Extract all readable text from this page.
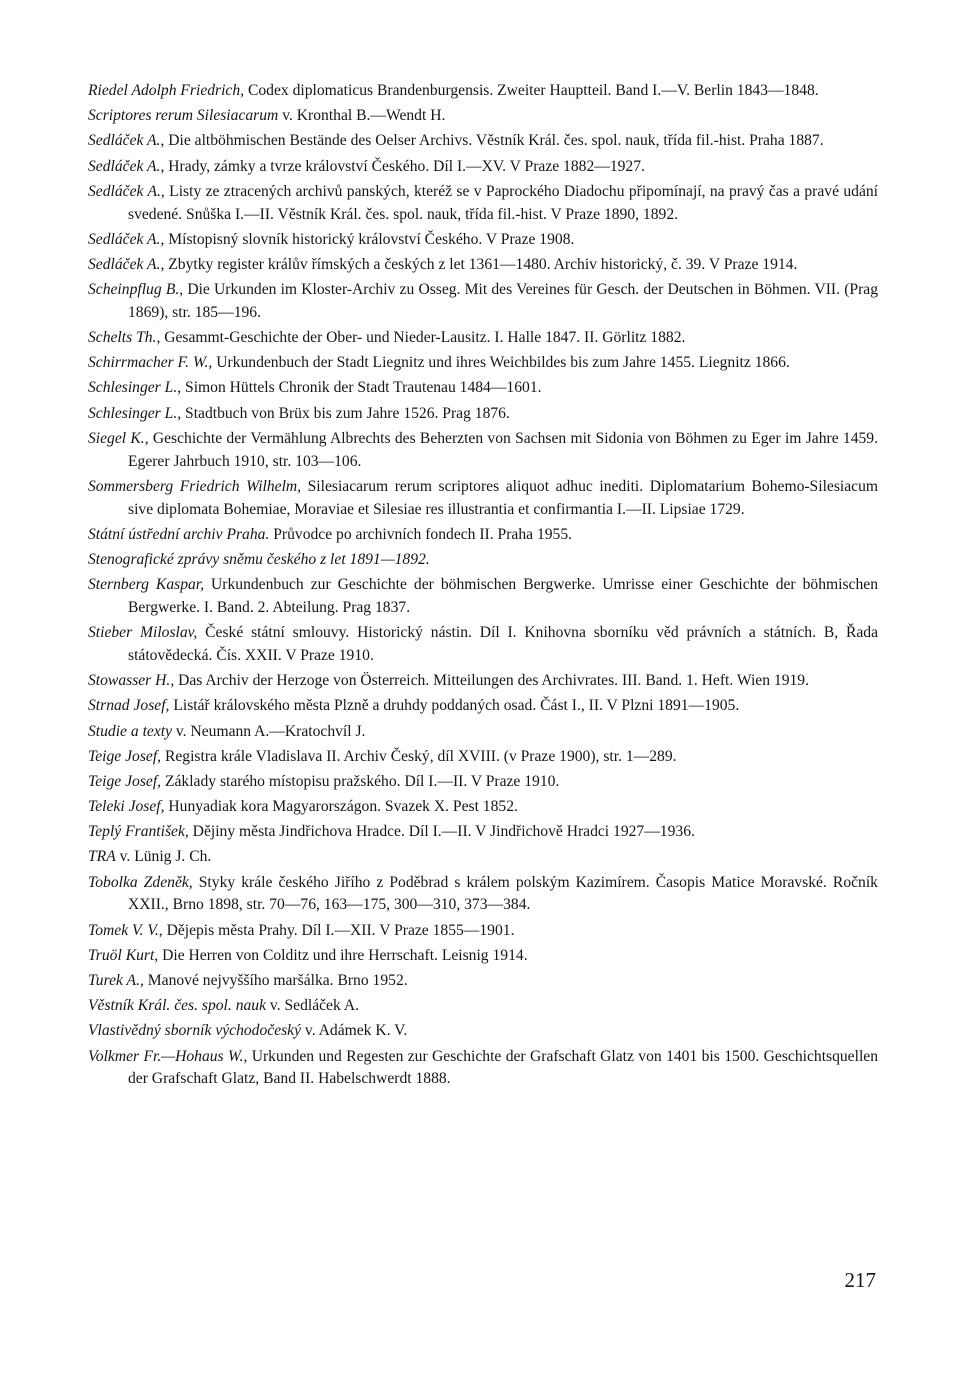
Riedel Adolph Friedrich, Codex diplomaticus Brandenburgensis. Zweiter Hauptteil. Band I.—V. Berlin 1843—1848.

Scriptores rerum Silesiacarum v. Kronthal B.—Wendt H.

Sedláček A., Die altböhmischen Bestände des Oelser Archivs. Věstník Král. čes. spol. nauk, třída fil.-hist. Praha 1887.

Sedláček A., Hrady, zámky a tvrze království Českého. Díl I.—XV. V Praze 1882—1927.

Sedláček A., Listy ze ztracených archivů panských, kteréž se v Paprockého Diadochu připomínají, na pravý čas a pravé udání svedené. Snůška I.—II. Věstník Král. čes. spol. nauk, třída fil.-hist. V Praze 1890, 1892.

Sedláček A., Místopisný slovník historický království Českého. V Praze 1908.

Sedláček A., Zbytky register králův římských a českých z let 1361—1480. Archiv historický, č. 39. V Praze 1914.

Scheinpflug B., Die Urkunden im Kloster-Archiv zu Osseg. Mit des Vereines für Gesch. der Deutschen in Böhmen. VII. (Prag 1869), str. 185—196.

Schelts Th., Gesammt-Geschichte der Ober- und Nieder-Lausitz. I. Halle 1847. II. Görlitz 1882.

Schirrmacher F. W., Urkundenbuch der Stadt Liegnitz und ihres Weichbildes bis zum Jahre 1455. Liegnitz 1866.

Schlesinger L., Simon Hüttels Chronik der Stadt Trautenau 1484—1601.

Schlesinger L., Stadtbuch von Brüx bis zum Jahre 1526. Prag 1876.

Siegel K., Geschichte der Vermählung Albrechts des Beherzten von Sachsen mit Sidonia von Böhmen zu Eger im Jahre 1459. Egerer Jahrbuch 1910, str. 103—106.

Sommersberg Friedrich Wilhelm, Silesiacarum rerum scriptores aliquot adhuc inediti. Diplomatarium Bohemo-Silesiacum sive diplomata Bohemiae, Moraviae et Silesiae res illustrantia et confirmantia I.—II. Lipsiae 1729.

Státní ústřední archiv Praha. Průvodce po archivních fondech II. Praha 1955.

Stenografické zprávy sněmu českého z let 1891—1892.

Sternberg Kaspar, Urkundenbuch zur Geschichte der böhmischen Bergwerke. Umrisse einer Geschichte der böhmischen Bergwerke. I. Band. 2. Abteilung. Prag 1837.

Stieber Miloslav, České státní smlouvy. Historický nástin. Díl I. Knihovna sborníku věd právních a státních. B, Řada státovědecká. Čís. XXII. V Praze 1910.

Stowasser H., Das Archiv der Herzoge von Österreich. Mitteilungen des Archivrates. III. Band. 1. Heft. Wien 1919.

Strnad Josef, Listář královského města Plzně a druhdy poddaných osad. Část I., II. V Plzni 1891—1905.

Studie a texty v. Neumann A.—Kratochvíl J.

Teige Josef, Registra krále Vladislava II. Archiv Český, díl XVIII. (v Praze 1900), str. 1—289.

Teige Josef, Základy starého místopisu pražského. Díl I.—II. V Praze 1910.

Teleki Josef, Hunyadiak kora Magyarországon. Svazek X. Pest 1852.

Teplý František, Dějiny města Jindřichova Hradce. Díl I.—II. V Jindřichově Hradci 1927—1936.

TRA v. Lünig J. Ch.

Tobolka Zdeněk, Styky krále českého Jiřího z Poděbrad s králem polským Kazimírem. Časopis Matice Moravské. Ročník XXII., Brno 1898, str. 70—76, 163—175, 300—310, 373—384.

Tomek V. V., Dějepis města Prahy. Díl I.—XII. V Praze 1855—1901.

Truöl Kurt, Die Herren von Colditz und ihre Herrschaft. Leisnig 1914.

Turek A., Manové nejvyššího maršálka. Brno 1952.

Věstník Král. čes. spol. nauk v. Sedláček A.

Vlastivědný sborník východočeský v. Adámek K. V.

Volkmer Fr.—Hohaus W., Urkunden und Regesten zur Geschichte der Grafschaft Glatz von 1401 bis 1500. Geschichtsquellen der Grafschaft Glatz, Band II. Habelschwerdt 1888.

217
